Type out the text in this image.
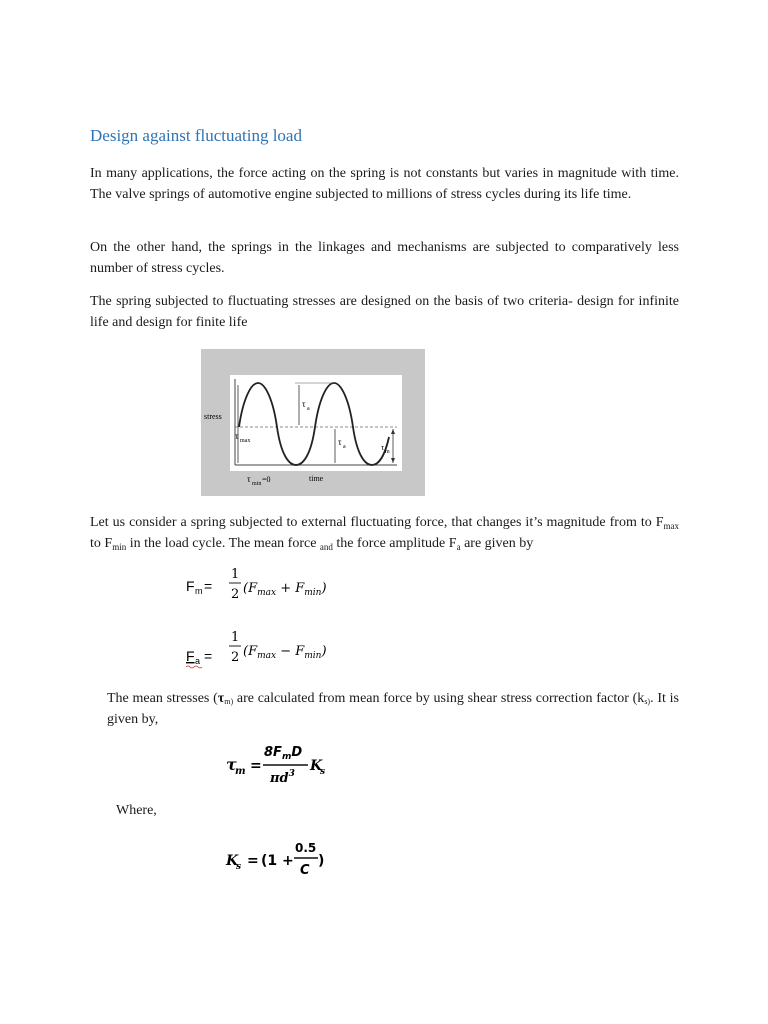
Design against fluctuating load
In many applications, the force acting on the spring is not constants but varies in magnitude with time. The valve springs of automotive engine subjected to millions of stress cycles during its life time.
On the other hand, the springs in the linkages and mechanisms are subjected to comparatively less number of stress cycles.
The spring subjected to fluctuating stresses are designed on the basis of two criteria- design for infinite life and design for finite life
stress
time
τ a
τ a
τ max
τ m
τ min =0
Let us consider a spring subjected to external fluctuating force, that changes it’s magnitude from to $F_{max}$ to $F_{min}$ in the load cycle. The mean force $_{and}$ the force amplitude $F_a$ are given by
F m =
1
2 $(F_{max} + F_{min})$
F a =
1
2 $(F_{max} - F_{min})$
The mean stresses ($\tau_{m)}$ are calculated from mean force by using shear stress correction factor ($k_{s)}$. It is given by,
τ
m =
$8F_mD$
$\pi d^3$ K
s
Where,
K
s = (1 +
0.5
C
)
